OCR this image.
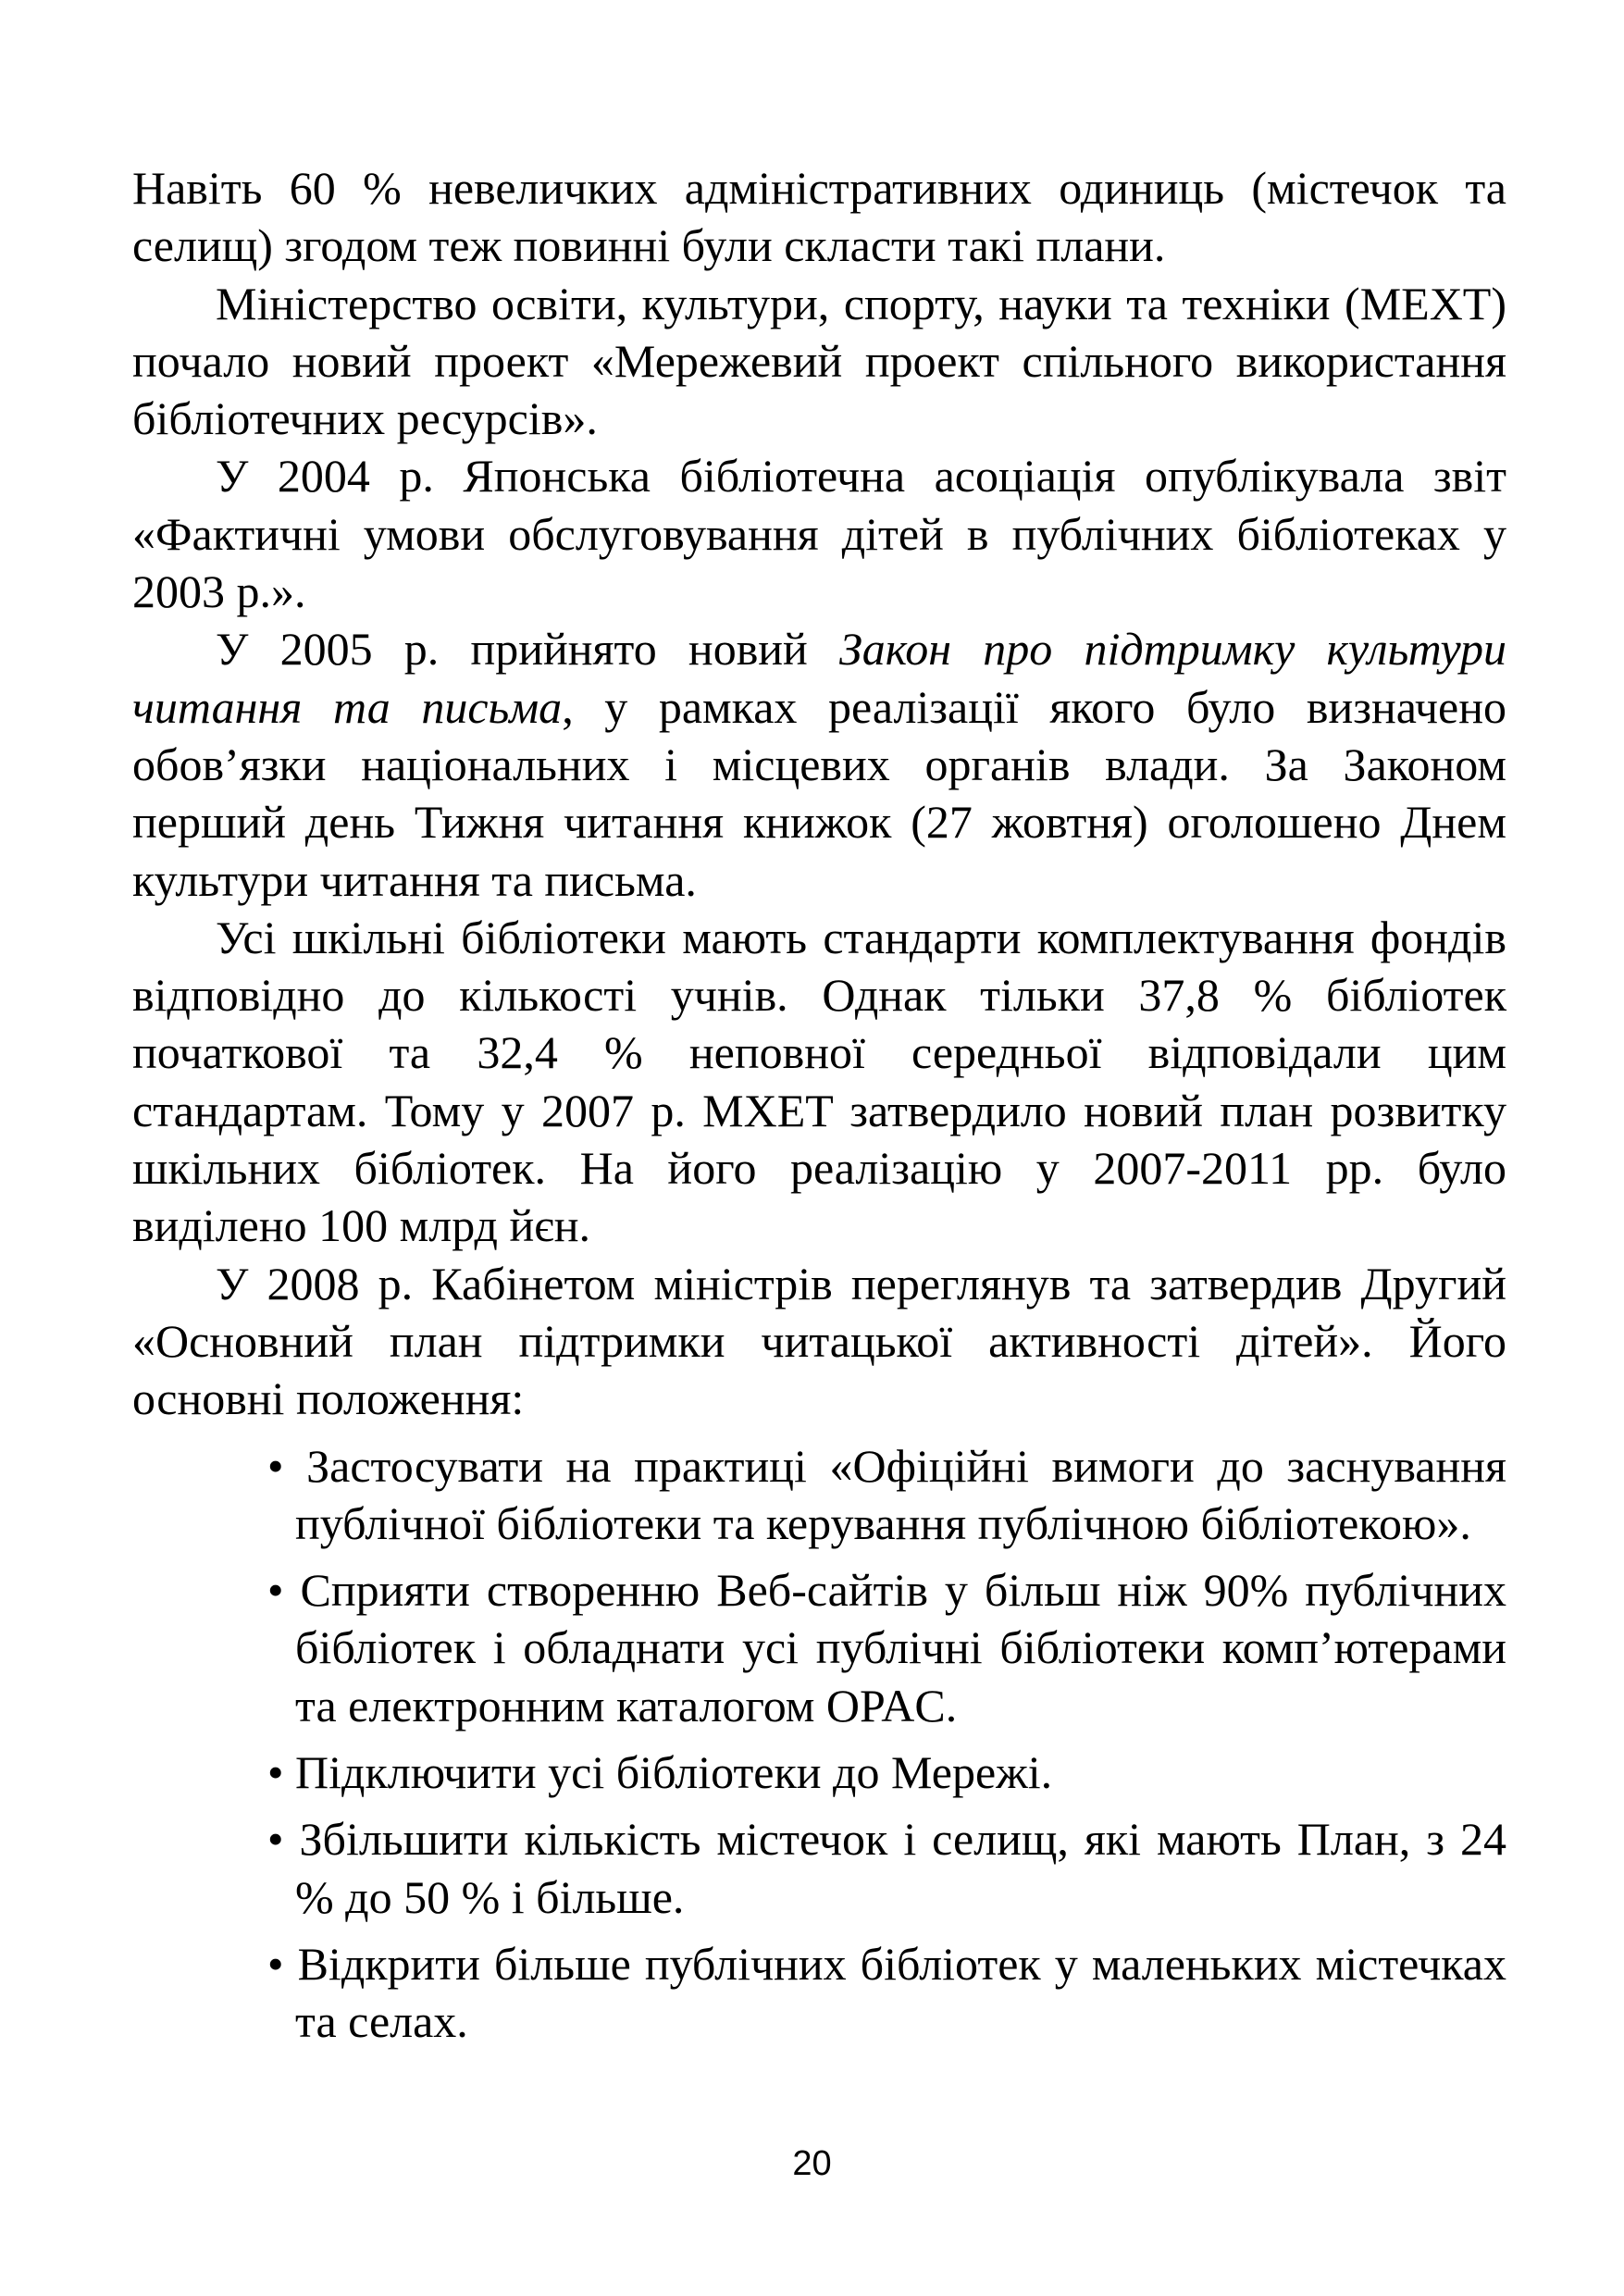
Навіть 60 % невеличких адміністративних одиниць (містечок та селищ) згодом теж повинні були скласти такі плани.

Міністерство освіти, культури, спорту, науки та техніки (MEXT) почало новий проект «Мережевий проект спільного використання бібліотечних ресурсів».

У 2004 р. Японська бібліотечна асоціація опублікувала звіт «Фактичні умови обслуговування дітей в публічних бібліотеках у 2003 р.».

У 2005 р. прийнято новий Закон про підтримку культури читання та письма, у рамках реалізації якого було визначено обов’язки національних і місцевих органів влади. За Законом перший день Тижня читання книжок (27 жовтня) оголошено Днем культури читання та письма.

Усі шкільні бібліотеки мають стандарти комплектування фондів відповідно до кількості учнів. Однак тільки 37,8 % бібліотек початкової та 32,4 % неповної середньої відповідали цим стандартам. Тому у 2007 р. MXET затвердило новий план розвитку шкільних бібліотек. На його реалізацію у 2007-2011 рр. було виділено 100 млрд йєн.

У 2008 р. Кабінетом міністрів переглянув та затвердив Другий «Основний план підтримки читацької активності дітей». Його основні положення:

• Застосувати на практиці «Офіційні вимоги до заснування публічної бібліотеки та керування публічною бібліотекою».
• Сприяти створенню Веб-сайтів у більш ніж 90% публічних бібліотек і обладнати усі публічні бібліотеки комп’ютерами та електронним каталогом OPAC.
• Підключити усі бібліотеки до Мережі.
• Збільшити кількість містечок і селищ, які мають План, з 24 % до 50 % і більше.
• Відкрити більше публічних бібліотек у маленьких містечках та селах.
20
